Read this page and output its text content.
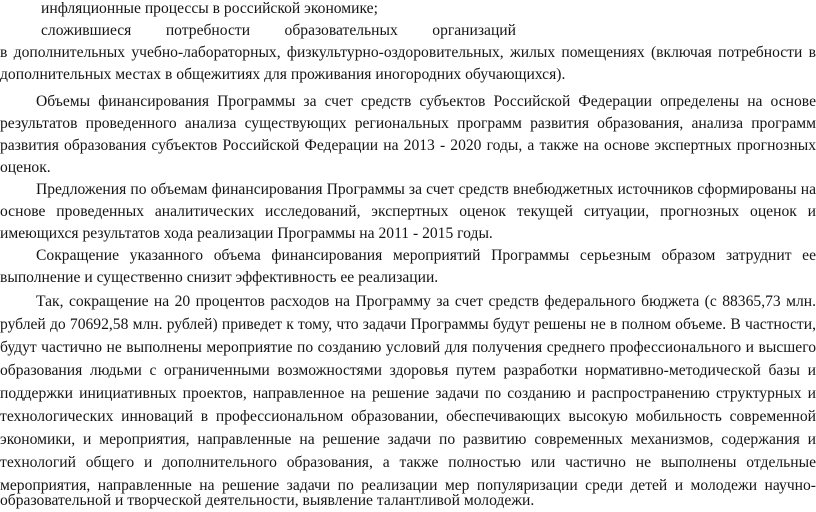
инфляционные процессы в российской экономике;
сложившиеся потребности образовательных организаций
в дополнительных учебно-лабораторных, физкультурно-оздоровительных, жилых помещениях (включая потребности в
дополнительных местах в общежитиях для проживания иногородних обучающихся).
Объемы финансирования Программы за счет средств субъектов Российской Федерации определены на основе
результатов проведенного анализа существующих региональных программ развития образования, анализа программ
развития образования субъектов Российской Федерации на 2013 - 2020 годы, а также на основе экспертных прогнозных
оценок.
Предложения по объемам финансирования Программы за счет средств внебюджетных источников сформированы на
основе проведенных аналитических исследований, экспертных оценок текущей ситуации, прогнозных оценок и
имеющихся результатов хода реализации Программы на 2011 - 2015 годы.
Сокращение указанного объема финансирования мероприятий Программы серьезным образом затруднит ее
выполнение и существенно снизит эффективность ее реализации.
Так, сокращение на 20 процентов расходов на Программу за счет средств федерального бюджета (с 88365,73 млн.
рублей до 70692,58 млн. рублей) приведет к тому, что задачи Программы будут решены не в полном объеме. В частности,
будут частично не выполнены мероприятие по созданию условий для получения среднего профессионального и высшего
образования людьми с ограниченными возможностями здоровья путем разработки нормативно-методической базы и
поддержки инициативных проектов, направленное на решение задачи по созданию и распространению структурных и
технологических инноваций в профессиональном образовании, обеспечивающих высокую мобильность современной
экономики, и мероприятия, направленные на решение задачи по развитию современных механизмов, содержания и
технологий общего и дополнительного образования, а также полностью или частично не выполнены отдельные
мероприятия, направленные на решение задачи по реализации мер популяризации среди детей и молодежи научно-
образовательной и творческой деятельности, выявление талантливой молодежи.
